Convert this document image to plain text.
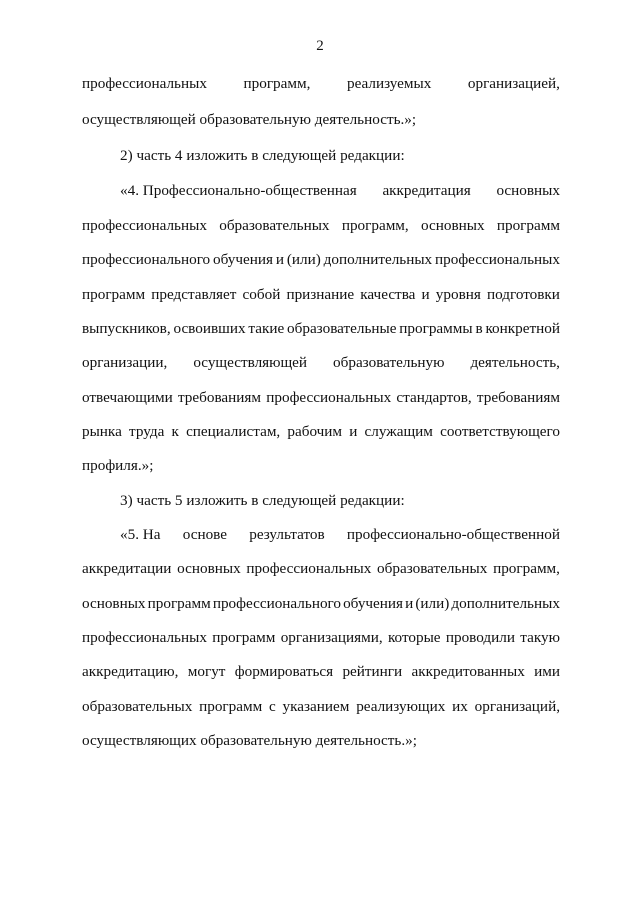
2
профессиональных программ, реализуемых организацией,
осуществляющей образовательную деятельность.»;
2) часть 4 изложить в следующей редакции:
«4. Профессионально-общественная аккредитация основных
профессиональных образовательных программ, основных программ
профессионального обучения и (или) дополнительных профессиональных
программ представляет собой признание качества и уровня подготовки
выпускников, освоивших такие образовательные программы в конкретной
организации, осуществляющей образовательную деятельность,
отвечающими требованиям профессиональных стандартов, требованиям
рынка труда к специалистам, рабочим и служащим соответствующего
профиля.»;
3) часть 5 изложить в следующей редакции:
«5. На основе результатов профессионально-общественной
аккредитации основных профессиональных образовательных программ,
основных программ профессионального обучения и (или) дополнительных
профессиональных программ организациями, которые проводили такую
аккредитацию, могут формироваться рейтинги аккредитованных ими
образовательных программ с указанием реализующих их организаций,
осуществляющих образовательную деятельность.»;
